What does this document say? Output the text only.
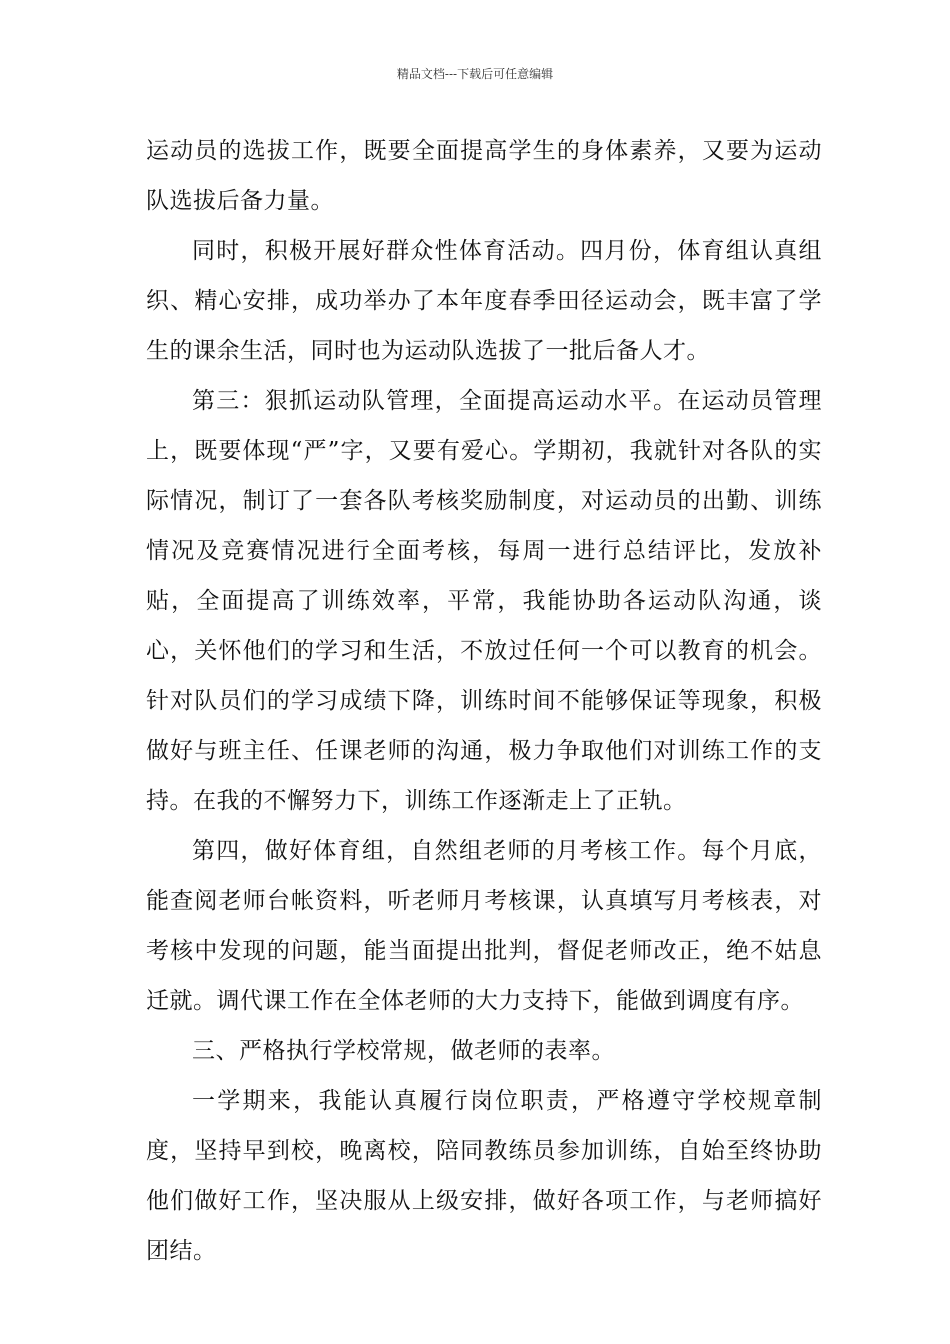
精品文档---下载后可任意编辑

运动员的选拔工作，既要全面提高学生的身体素养，又要为运动队选拔后备力量。

同时，积极开展好群众性体育活动。四月份，体育组认真组织、精心安排，成功举办了本年度春季田径运动会，既丰富了学生的课余生活，同时也为运动队选拔了一批后备人才。

第三：狠抓运动队管理，全面提高运动水平。在运动员管理上，既要体现“严”字，又要有爱心。学期初，我就针对各队的实际情况，制订了一套各队考核奖励制度，对运动员的出勤、训练情况及竞赛情况进行全面考核，每周一进行总结评比，发放补贴，全面提高了训练效率，平常，我能协助各运动队沟通，谈心，关怀他们的学习和生活，不放过任何一个可以教育的机会。针对队员们的学习成绩下降，训练时间不能够保证等现象，积极做好与班主任、任课老师的沟通，极力争取他们对训练工作的支持。在我的不懈努力下，训练工作逐渐走上了正轨。

第四，做好体育组，自然组老师的月考核工作。每个月底，能查阅老师台帐资料，听老师月考核课，认真填写月考核表，对考核中发现的问题，能当面提出批判，督促老师改正，绝不姑息迁就。调代课工作在全体老师的大力支持下，能做到调度有序。

三、严格执行学校常规，做老师的表率。

一学期来，我能认真履行岗位职责，严格遵守学校规章制度，坚持早到校，晚离校，陪同教练员参加训练，自始至终协助他们做好工作，坚决服从上级安排，做好各项工作，与老师搞好团结。
